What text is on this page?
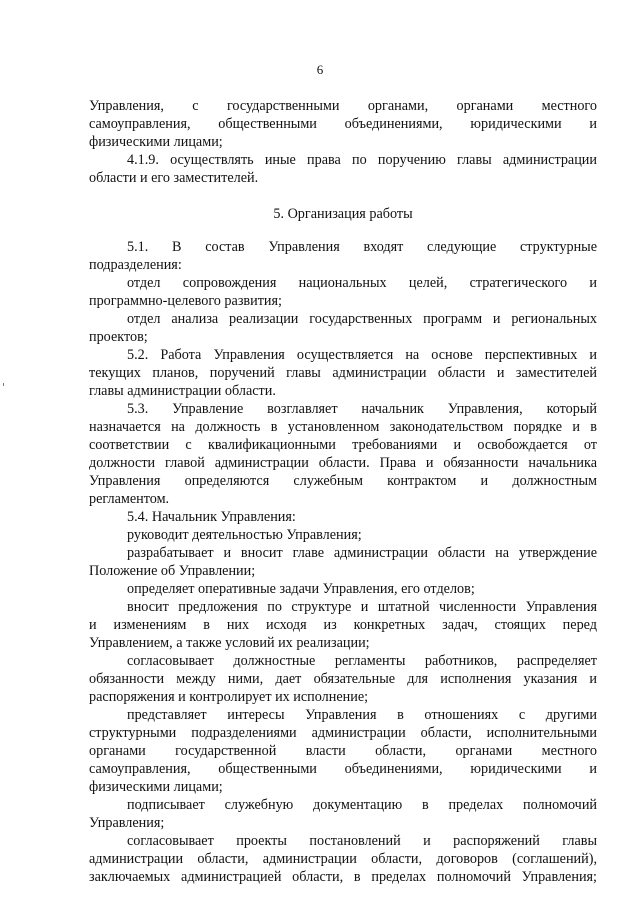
6
Управления, с государственными органами, органами местного
самоуправления, общественными объединениями, юридическими и
физическими лицами;
4.1.9. осуществлять иные права по поручению главы администрации
области и его заместителей.
5. Организация работы
5.1. В состав Управления входят следующие структурные
подразделения:
отдел сопровождения национальных целей, стратегического и
программно-целевого развития;
отдел анализа реализации государственных программ и региональных
проектов;
5.2. Работа Управления осуществляется на основе перспективных и
текущих планов, поручений главы администрации области и заместителей
главы администрации области.
5.3. Управление возглавляет начальник Управления, который
назначается на должность в установленном законодательством порядке и в
соответствии с квалификационными требованиями и освобождается от
должности главой администрации области. Права и обязанности начальника
Управления определяются служебным контрактом и должностным
регламентом.
5.4. Начальник Управления:
руководит деятельностью Управления;
разрабатывает и вносит главе администрации области на утверждение
Положение об Управлении;
определяет оперативные задачи Управления, его отделов;
вносит предложения по структуре и штатной численности Управления
и изменениям в них исходя из конкретных задач, стоящих перед
Управлением, а также условий их реализации;
согласовывает должностные регламенты работников, распределяет
обязанности между ними, дает обязательные для исполнения указания и
распоряжения и контролирует их исполнение;
представляет интересы Управления в отношениях с другими
структурными подразделениями администрации области, исполнительными
органами государственной власти области, органами местного
самоуправления, общественными объединениями, юридическими и
физическими лицами;
подписывает служебную документацию в пределах полномочий
Управления;
согласовывает проекты постановлений и распоряжений главы
администрации области, администрации области, договоров (соглашений),
заключаемых администрацией области, в пределах полномочий Управления;
